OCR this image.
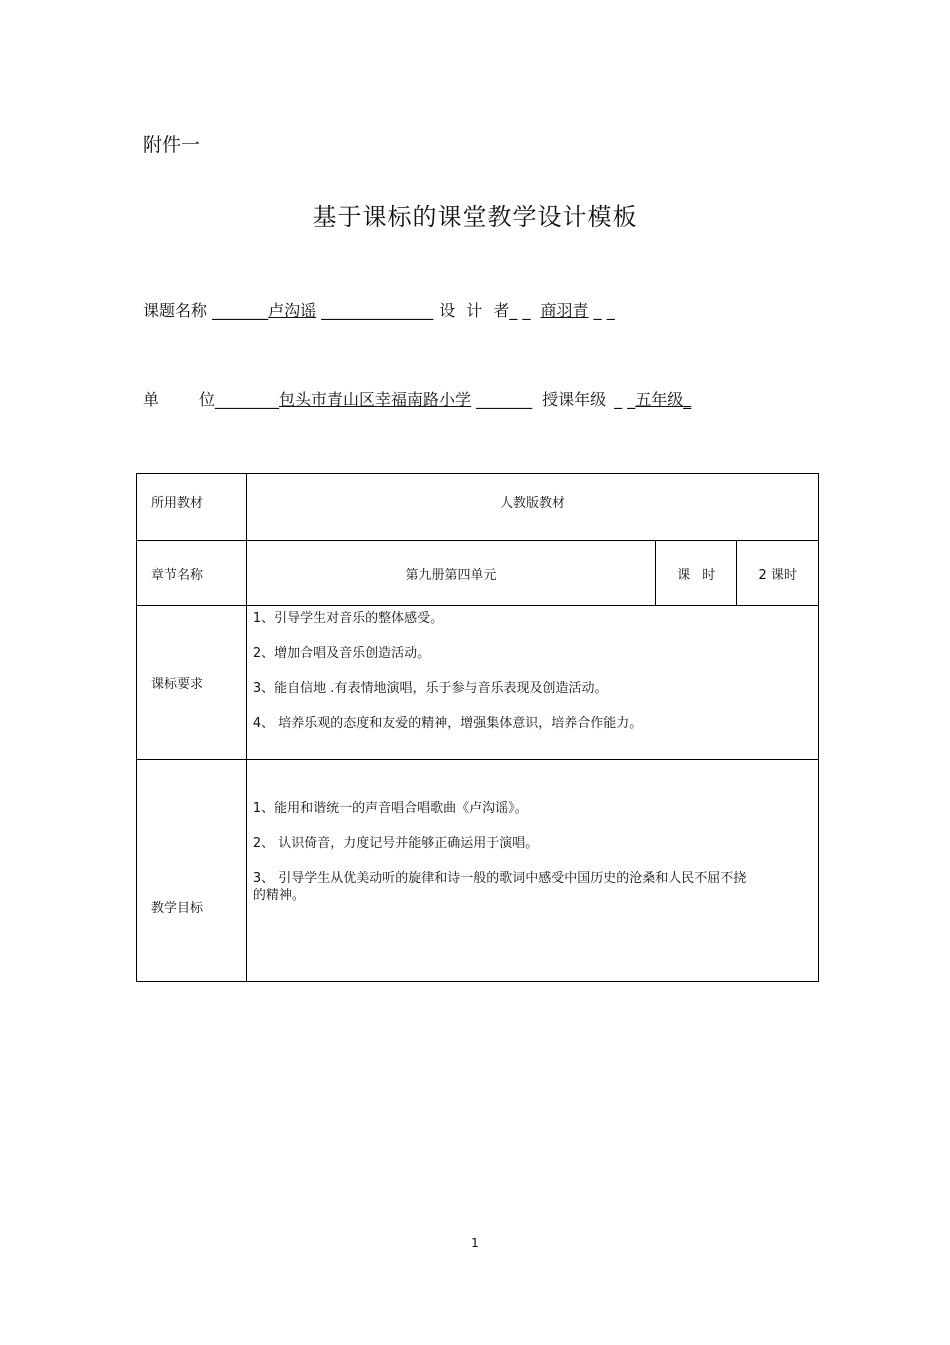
附件一
基于课标的课堂教学设计模板
课题名称 _______卢沟谣 ______________ 设 计 者_ _ 商羽青 _ _
单	位________包头市青山区幸福南路小学 _______ 授课年级 _ _五年级_
所用教材	人教版教材		
章节名称	第九册第四单元	课 时	2 课时
课标要求	1、引导学生对音乐的整体感受。
2、增加合唱及音乐创造活动。
3、能自信地 .有表情地演唱，乐于参与音乐表现及创造活动。
4、 培养乐观的态度和友爱的精神，增强集体意识，培养合作能力。		

教学目标	1、能用和谐统一的声音唱合唱歌曲《卢沟谣》。
2、 认识倚音，力度记号并能够正确运用于演唱。
3、 引导学生从优美动听的旋律和诗一般的歌词中感受中国历史的沧桑和人民不屈不挠的精神。		
1
